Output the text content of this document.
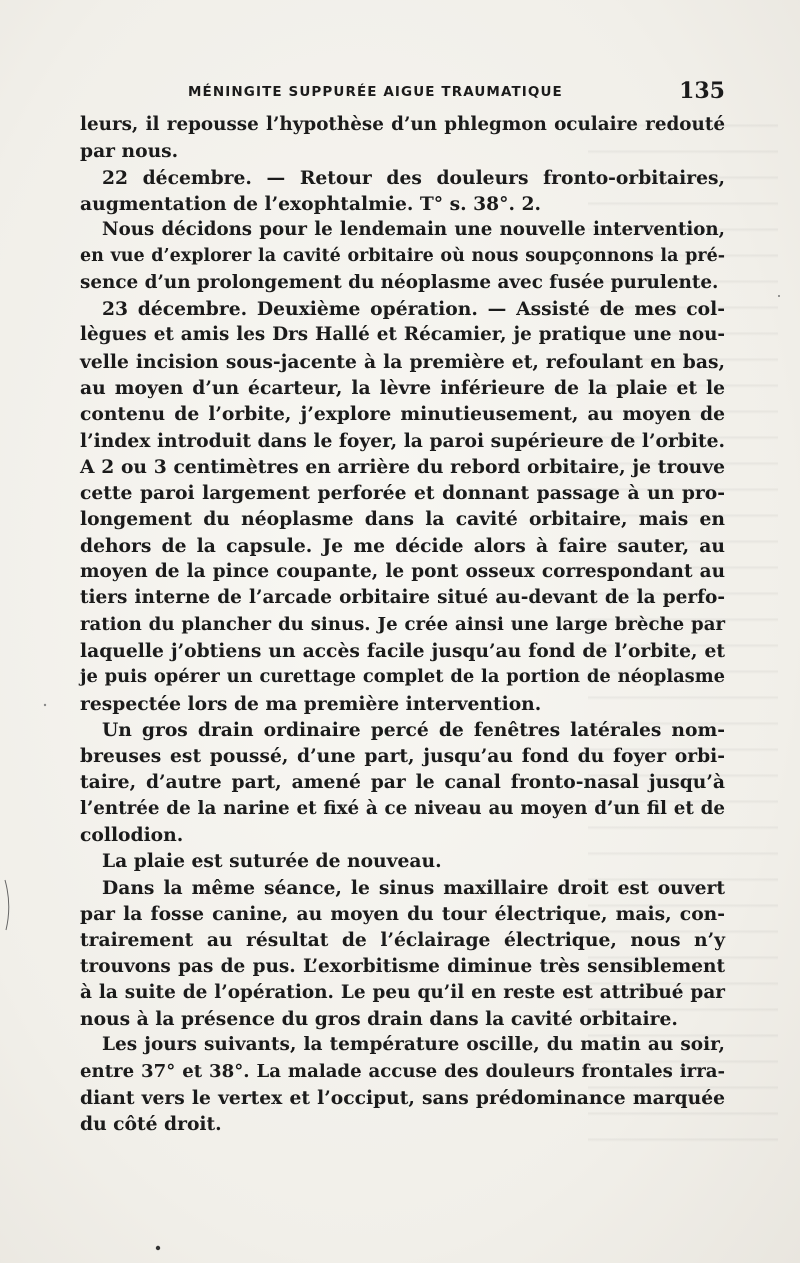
MÉNINGITE SUPPURÉE AIGUE TRAUMATIQUE	135
leurs, il repousse l’hypothèse d’un phlegmon oculaire redouté
par nous.
22 décembre. — Retour des douleurs fronto-orbitaires,
augmentation de l’exophtalmie. T° s. 38°. 2.
Nous décidons pour le lendemain une nouvelle intervention,
en vue d’explorer la cavité orbitaire où nous soupçonnons la pré-
sence d’un prolongement du néoplasme avec fusée purulente.
23 décembre. Deuxième opération. — Assisté de mes col-
lègues et amis les Drs Hallé et Récamier, je pratique une nou-
velle incision sous-jacente à la première et, refoulant en bas,
au moyen d’un écarteur, la lèvre inférieure de la plaie et le
contenu de l’orbite, j’explore minutieusement, au moyen de
l’index introduit dans le foyer, la paroi supérieure de l’orbite.
A 2 ou 3 centimètres en arrière du rebord orbitaire, je trouve
cette paroi largement perforée et donnant passage à un pro-
longement du néoplasme dans la cavité orbitaire, mais en
dehors de la capsule. Je me décide alors à faire sauter, au
moyen de la pince coupante, le pont osseux correspondant au
tiers interne de l’arcade orbitaire situé au-devant de la perfo-
ration du plancher du sinus. Je crée ainsi une large brèche par
laquelle j’obtiens un accès facile jusqu’au fond de l’orbite, et
je puis opérer un curettage complet de la portion de néoplasme
respectée lors de ma première intervention.
Un gros drain ordinaire percé de fenêtres latérales nom-
breuses est poussé, d’une part, jusqu’au fond du foyer orbi-
taire, d’autre part, amené par le canal fronto-nasal jusqu’à
l’entrée de la narine et fixé à ce niveau au moyen d’un fil et de
collodion.
La plaie est suturée de nouveau.
Dans la même séance, le sinus maxillaire droit est ouvert
par la fosse canine, au moyen du tour électrique, mais, con-
trairement au résultat de l’éclairage électrique, nous n’y
trouvons pas de pus. L’exorbitisme diminue très sensiblement
à la suite de l’opération. Le peu qu’il en reste est attribué par
nous à la présence du gros drain dans la cavité orbitaire.
Les jours suivants, la température oscille, du matin au soir,
entre 37° et 38°. La malade accuse des douleurs frontales irra-
diant vers le vertex et l’occiput, sans prédominance marquée
du côté droit.
